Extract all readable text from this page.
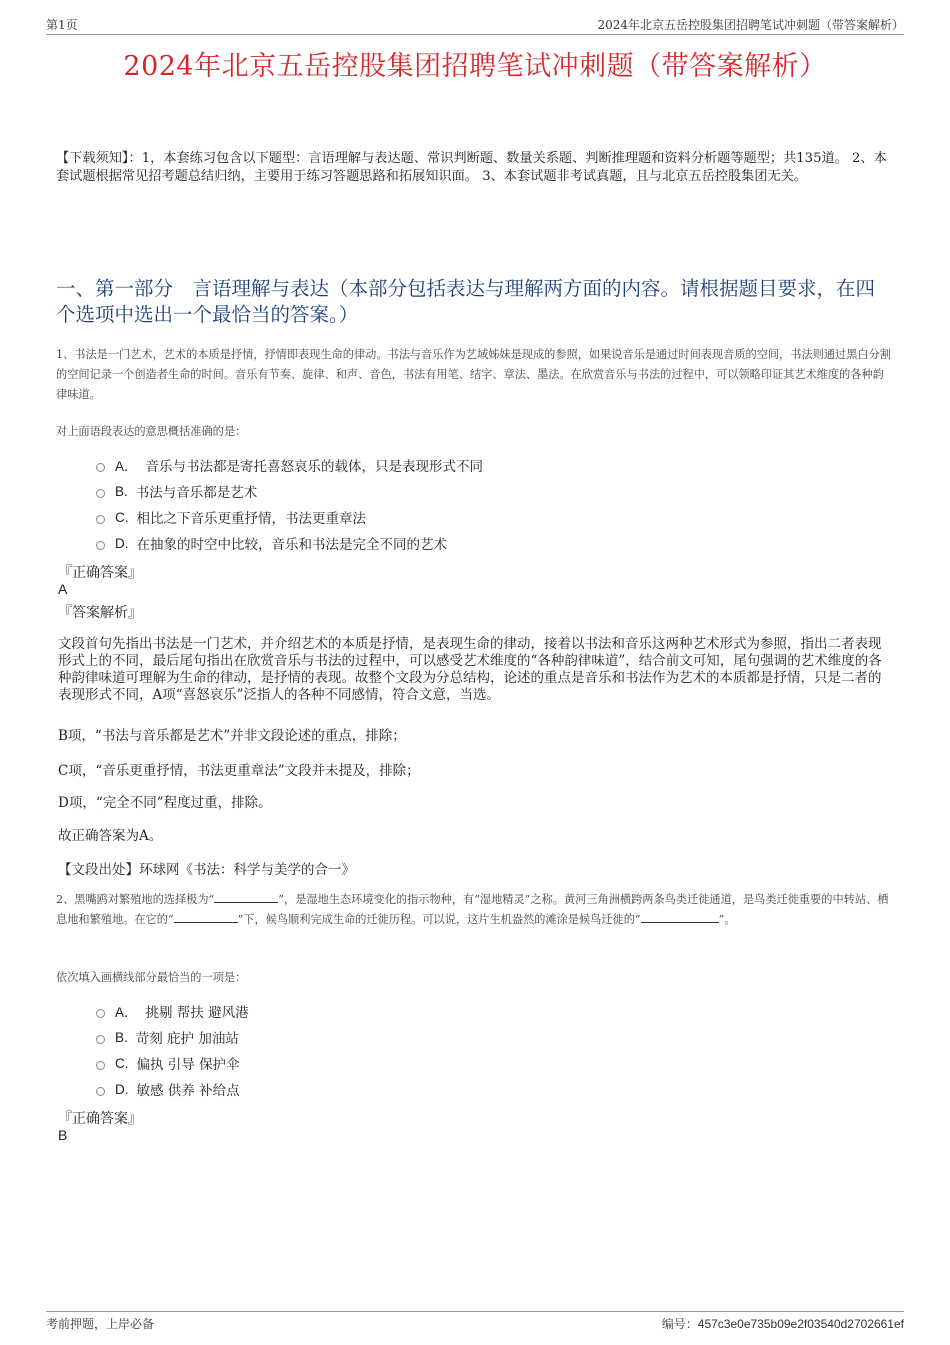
第1页	2024年北京五岳控股集团招聘笔试冲刺题（带答案解析）
2024年北京五岳控股集团招聘笔试冲刺题（带答案解析）
【下载须知】：1，本套练习包含以下题型：言语理解与表达题、常识判断题、数量关系题、判断推理题和资料分析题等题型；共135道。 2、本套试题根据常见招考题总结归纳，主要用于练习答题思路和拓展知识面。 3、本套试题非考试真题，且与北京五岳控股集团无关。
一、第一部分　言语理解与表达（本部分包括表达与理解两方面的内容。请根据题目要求，在四个选项中选出一个最恰当的答案。）
1、书法是一门艺术，艺术的本质是抒情，抒情即表现生命的律动。书法与音乐作为艺域姊妹是现成的参照，如果说音乐是通过时间表现音质的空间，书法则通过黑白分割的空间记录一个创造者生命的时间。音乐有节奏、旋律、和声、音色，书法有用笔、结字、章法、墨法。在欣赏音乐与书法的过程中，可以领略印证其艺术维度的各种韵律味道。
对上面语段表达的意思概括准确的是：
A． 音乐与书法都是寄托喜怒哀乐的载体，只是表现形式不同
B. 书法与音乐都是艺术
C. 相比之下音乐更重抒情，书法更重章法
D. 在抽象的时空中比较，音乐和书法是完全不同的艺术
『正确答案』
A
『答案解析』
文段首句先指出书法是一门艺术，并介绍艺术的本质是抒情，是表现生命的律动，接着以书法和音乐这两种艺术形式为参照，指出二者表现形式上的不同，最后尾句指出在欣赏音乐与书法的过程中，可以感受艺术维度的“各种韵律味道”，结合前文可知，尾句强调的艺术维度的各种韵律味道可理解为生命的律动，是抒情的表现。故整个文段为分总结构，论述的重点是音乐和书法作为艺术的本质都是抒情，只是二者的表现形式不同，A项“喜怒哀乐”泛指人的各种不同感情，符合文意，当选。
B项，“书法与音乐都是艺术”并非文段论述的重点，排除；
C项，“音乐更重抒情，书法更重章法”文段并未提及，排除；
D项，“完全不同”程度过重，排除。
故正确答案为A。
【文段出处】环球网《书法：科学与美学的合一》
2、黑嘴鸥对繁殖地的选择极为“	”，是湿地生态环境变化的指示物种，有“湿地精灵”之称。黄河三角洲横跨两条鸟类迁徙通道，是鸟类迁徙重要的中转站、栖息地和繁殖地。在它的“	”下，候鸟顺利完成生命的迁徙历程。可以说，这片生机盎然的滩涂是候鸟迁徙的“	”。
依次填入画横线部分最恰当的一项是：
A． 挑剔 帮扶 避风港
B. 苛刻 庇护 加油站
C. 偏执 引导 保护伞
D. 敏感 供养 补给点
『正确答案』
B
考前押题，上岸必备	编号：457c3e0e735b09e2f03540d2702661ef
